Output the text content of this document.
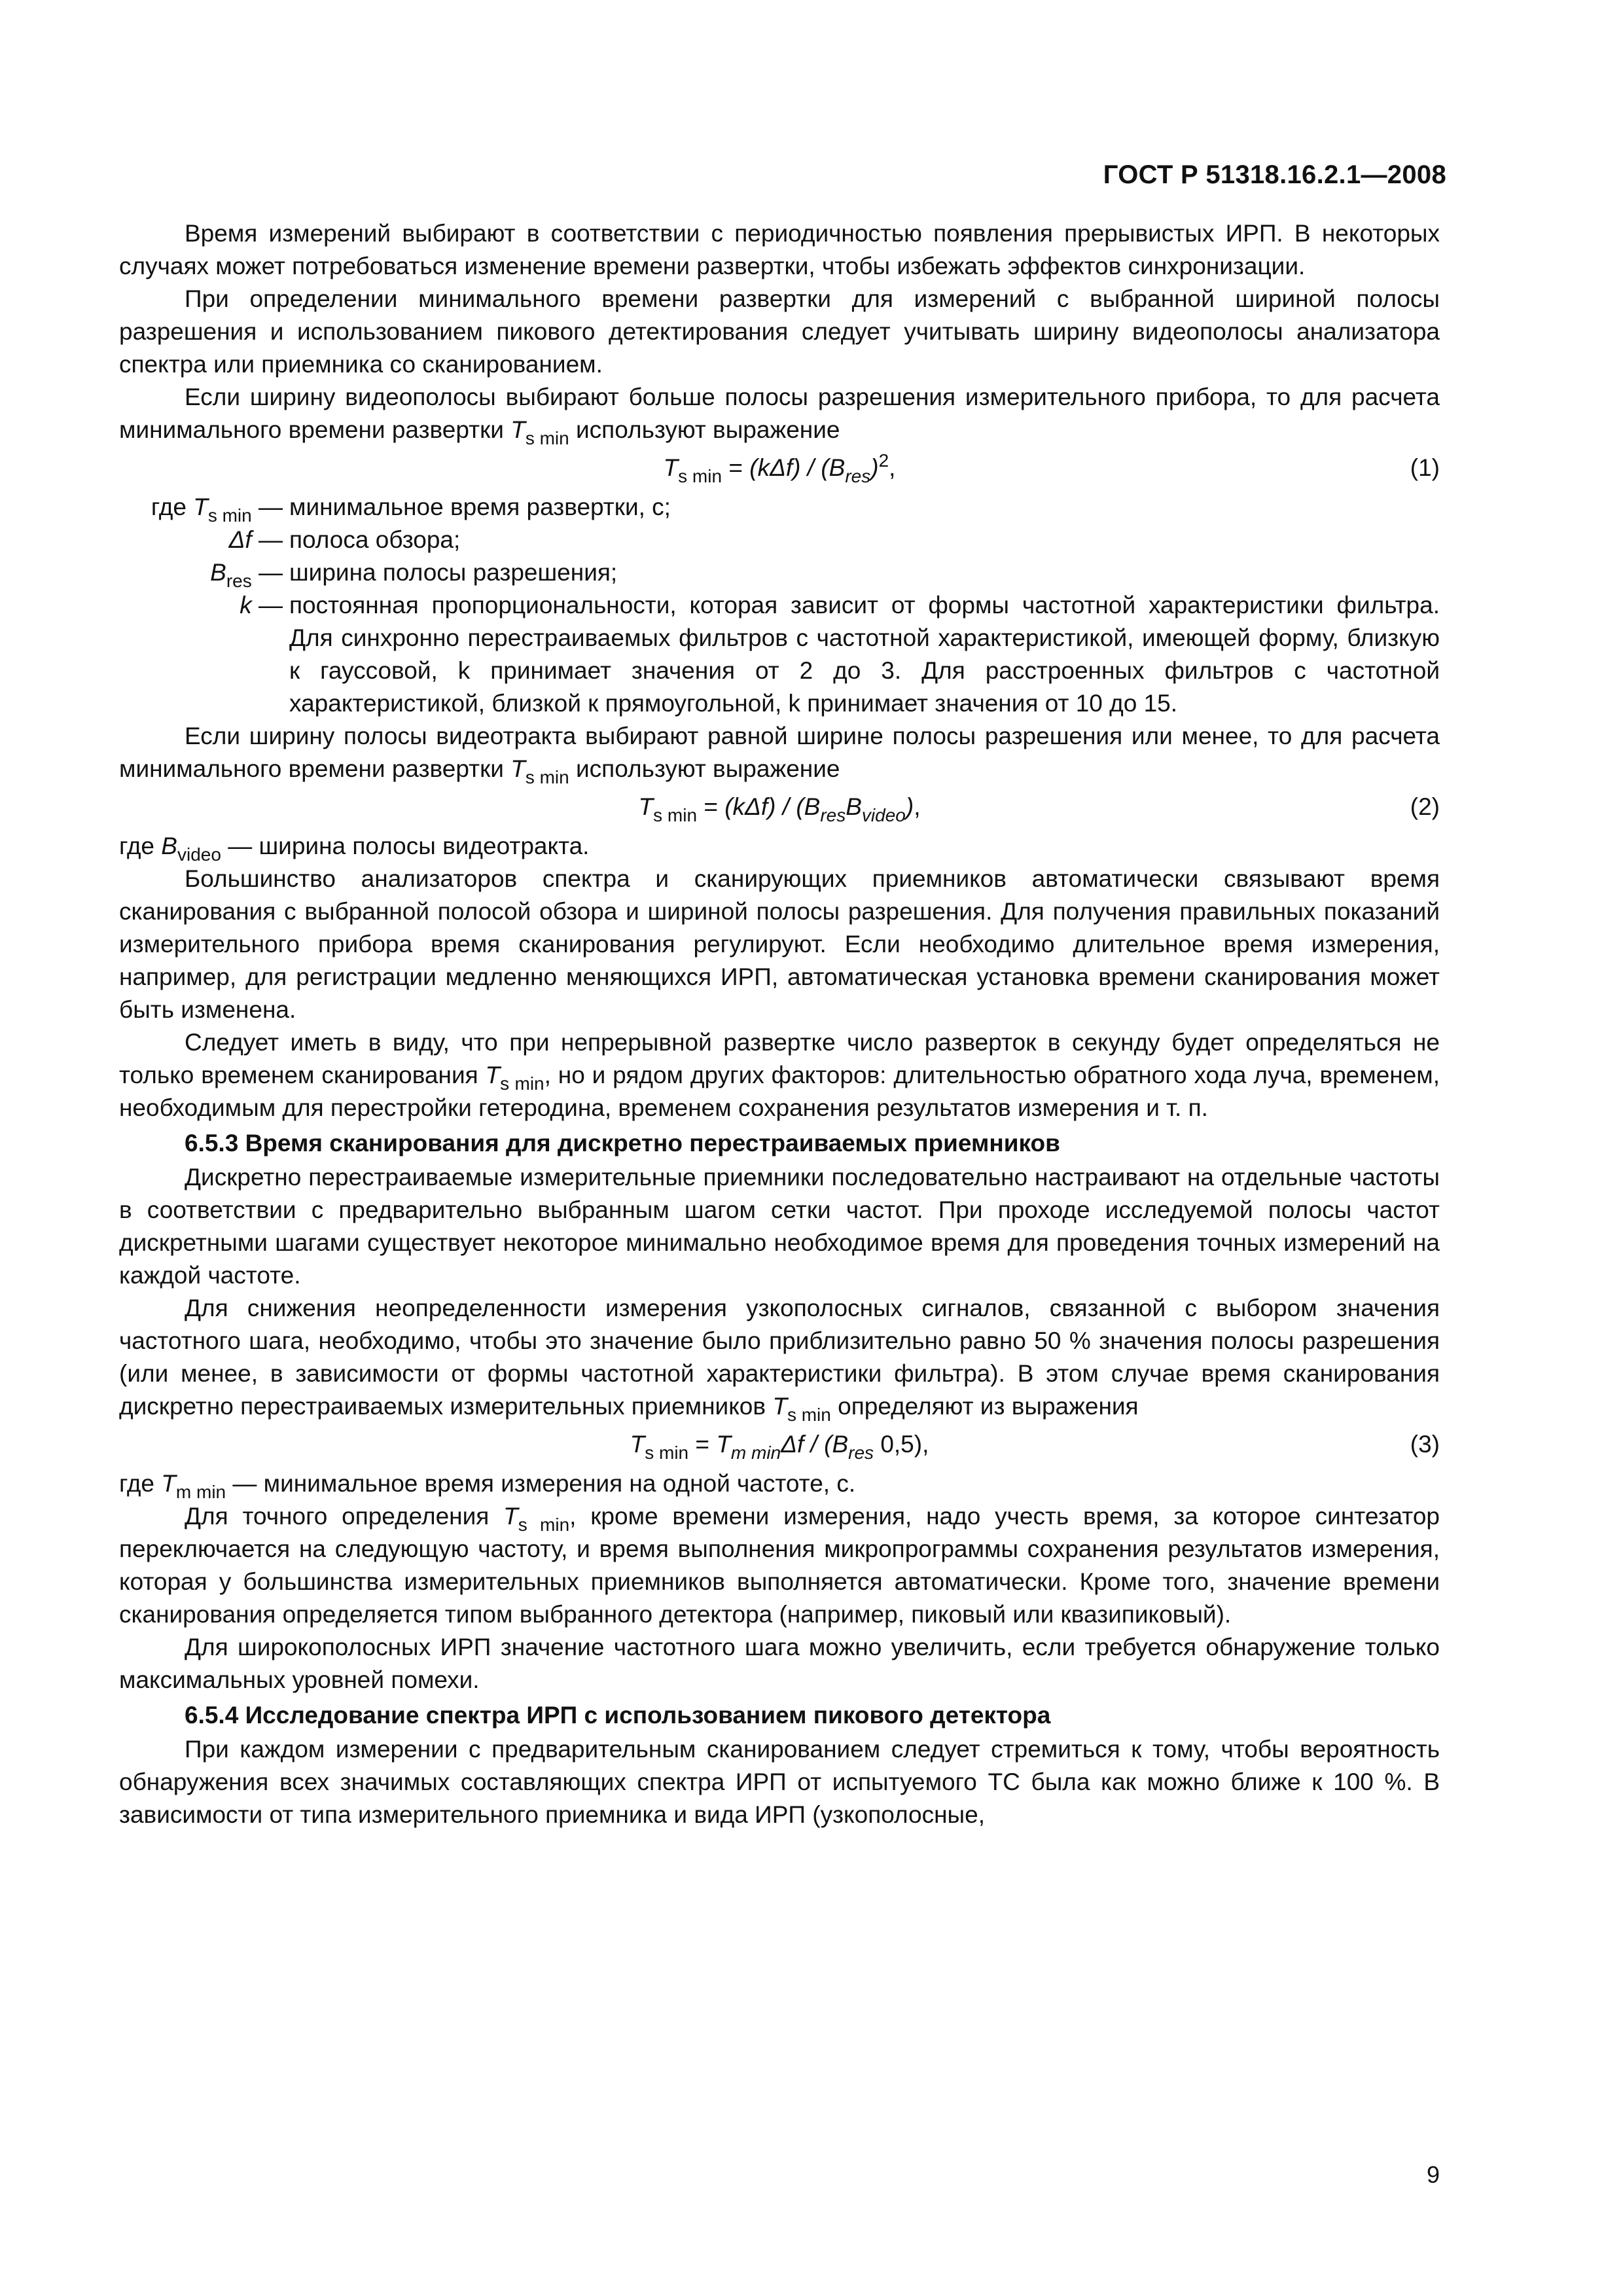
ГОСТ Р 51318.16.2.1—2008

Время измерений выбирают в соответствии с периодичностью появления прерывистых ИРП. В некоторых случаях может потребоваться изменение времени развертки, чтобы избежать эффектов синхронизации.

При определении минимального времени развертки для измерений с выбранной шириной полосы разрешения и использованием пикового детектирования следует учитывать ширину видеополосы анализатора спектра или приемника со сканированием.

Если ширину видеополосы выбирают больше полосы разрешения измерительного прибора, то для расчета минимального времени развертки $T_{s min}$ используют выражение

$T_{s min} = (k\Delta f) / (B_{res})^2$,	(1)
где $T_{s min}$ — минимальное время развертки, с;
Δf — полоса обзора;
$B_{res}$ — ширина полосы разрешения;
k — постоянная пропорциональности, которая зависит от формы частотной характеристики фильтра. Для синхронно перестраиваемых фильтров с частотной характеристикой, имеющей форму, близкую к гауссовой, k принимает значения от 2 до 3. Для расстроенных фильтров с частотной характеристикой, близкой к прямоугольной, k принимает значения от 10 до 15.

Если ширину полосы видеотракта выбирают равной ширине полосы разрешения или менее, то для расчета минимального времени развертки $T_{s min}$ используют выражение

$T_{s min} = (k\Delta f) / (B_{res}B_{video})$,	(2)
где $B_{video}$ — ширина полосы видеотракта.

Большинство анализаторов спектра и сканирующих приемников автоматически связывают время сканирования с выбранной полосой обзора и шириной полосы разрешения. Для получения правильных показаний измерительного прибора время сканирования регулируют. Если необходимо длительное время измерения, например, для регистрации медленно меняющихся ИРП, автоматическая установка времени сканирования может быть изменена.

Следует иметь в виду, что при непрерывной развертке число разверток в секунду будет определяться не только временем сканирования $T_{s min}$, но и рядом других факторов: длительностью обратного хода луча, временем, необходимым для перестройки гетеродина, временем сохранения результатов измерения и т. п.

6.5.3 Время сканирования для дискретно перестраиваемых приемников

Дискретно перестраиваемые измерительные приемники последовательно настраивают на отдельные частоты в соответствии с предварительно выбранным шагом сетки частот. При проходе исследуемой полосы частот дискретными шагами существует некоторое минимально необходимое время для проведения точных измерений на каждой частоте.

Для снижения неопределенности измерения узкополосных сигналов, связанной с выбором значения частотного шага, необходимо, чтобы это значение было приблизительно равно 50 % значения полосы разрешения (или менее, в зависимости от формы частотной характеристики фильтра). В этом случае время сканирования дискретно перестраиваемых измерительных приемников $T_{s min}$ определяют из выражения

$T_{s min} = T_{m min}\Delta f / (B_{res}$ 0,5),	(3)
где $T_{m min}$ — минимальное время измерения на одной частоте, с.

Для точного определения $T_{s min}$, кроме времени измерения, надо учесть время, за которое синтезатор переключается на следующую частоту, и время выполнения микропрограммы сохранения результатов измерения, которая у большинства измерительных приемников выполняется автоматически. Кроме того, значение времени сканирования определяется типом выбранного детектора (например, пиковый или квазипиковый).

Для широкополосных ИРП значение частотного шага можно увеличить, если требуется обнаружение только максимальных уровней помехи.

6.5.4 Исследование спектра ИРП с использованием пикового детектора

При каждом измерении с предварительным сканированием следует стремиться к тому, чтобы вероятность обнаружения всех значимых составляющих спектра ИРП от испытуемого ТС была как можно ближе к 100 %. В зависимости от типа измерительного приемника и вида ИРП (узкополосные,

9
